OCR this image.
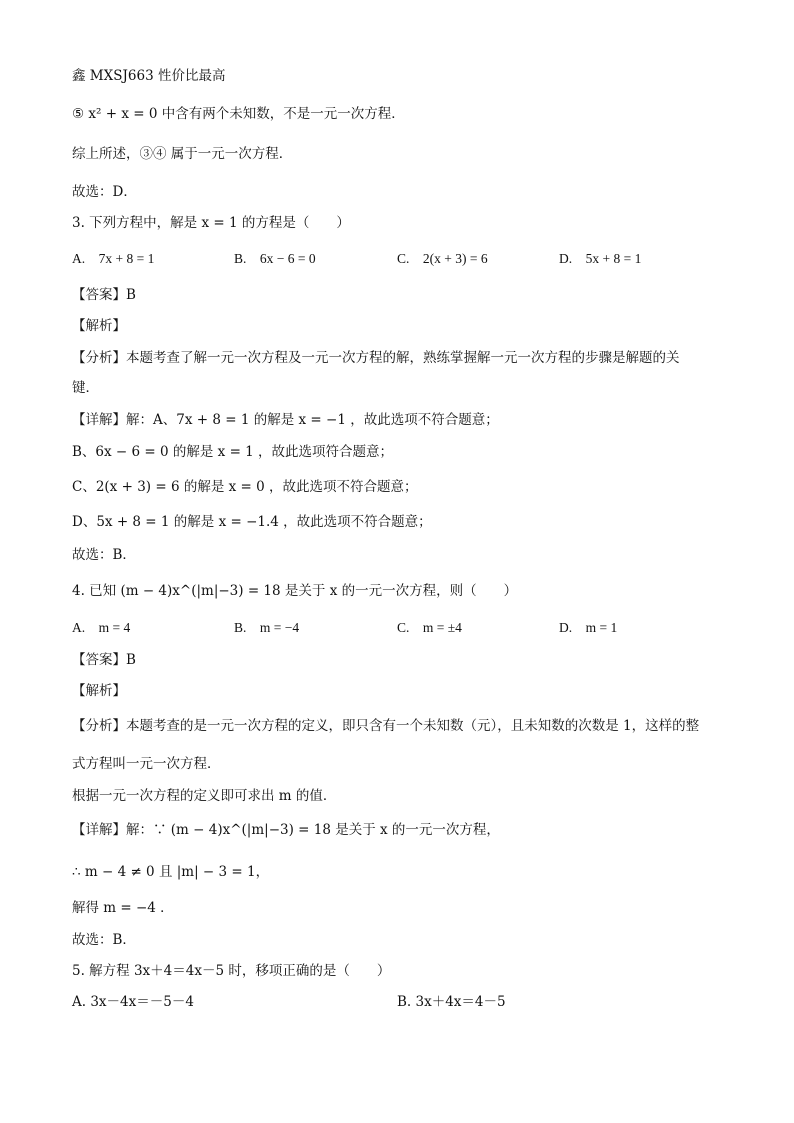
鑫 MXSJ663 性价比最高
⑤ x² + x = 0 中含有两个未知数，不是一元一次方程．
综上所述，③④ 属于一元一次方程．
故选：D．
3. 下列方程中，解是 x = 1 的方程是（　　）
A.　7x + 8 = 1	B.　6x − 6 = 0	C.　2(x + 3) = 6	D.　5x + 8 = 1
【答案】B
【解析】
【分析】本题考查了解一元一次方程及一元一次方程的解，熟练掌握解一元一次方程的步骤是解题的关
键．
【详解】解：A、7x + 8 = 1 的解是 x = −1 ，故此选项不符合题意；
B、6x − 6 = 0 的解是 x = 1 ，故此选项符合题意；
C、2(x + 3) = 6 的解是 x = 0 ，故此选项不符合题意；
D、5x + 8 = 1 的解是 x = −1.4 ，故此选项不符合题意；
故选：B．
4. 已知 (m − 4)x^(|m|−3) = 18 是关于 x 的一元一次方程，则（　　）
A.　m = 4	B.　m = −4	C.　m = ±4	D.　m = 1
【答案】B
【解析】
【分析】本题考查的是一元一次方程的定义，即只含有一个未知数（元），且未知数的次数是 1，这样的整
式方程叫一元一次方程．
根据一元一次方程的定义即可求出 m 的值．
【详解】解：∵ (m − 4)x^(|m|−3) = 18 是关于 x 的一元一次方程，
∴ m − 4 ≠ 0 且 |m| − 3 = 1，
解得 m = −4 ．
故选：B．
5. 解方程 3x＋4＝4x－5 时，移项正确的是（　　）
A. 3x－4x＝－5－4	B. 3x＋4x＝4－5
